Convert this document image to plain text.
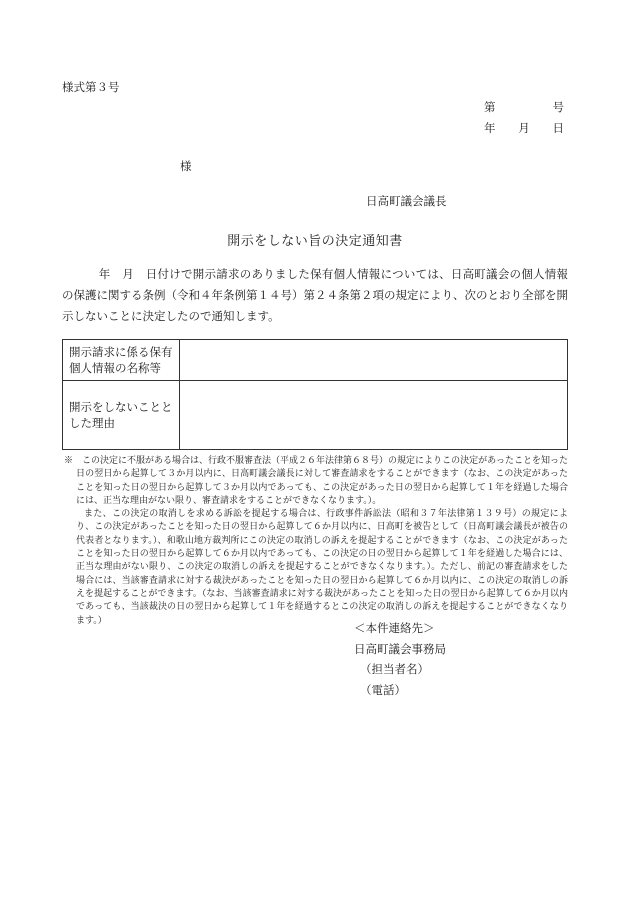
様式第３号
第	号
年 月 日
様
日高町議会議長
開示をしない旨の決定通知書
年　月　日付けで開示請求のありました保有個人情報については、日高町議会の個人情報の保護に関する条例（令和４年条例第１４号）第２４条第２項の規定により、次のとおり全部を開示しないことに決定したので通知します。
開示請求に係る保有個人情報の名称等	
開示をしないこととした理由	

※　この決定に不服がある場合は、行政不服審査法（平成２６年法律第６８号）の規定によりこの決定があったことを知った日の翌日から起算して３か月以内に、日高町議会議長に対して審査請求をすることができます（なお、この決定があったことを知った日の翌日から起算して３か月以内であっても、この決定があった日の翌日から起算して１年を経過した場合には、正当な理由がない限り、審査請求をすることができなくなります。）。

また、この決定の取消しを求める訴訟を提起する場合は、行政事件訴訟法（昭和３７年法律第１３９号）の規定により、この決定があったことを知った日の翌日から起算して６か月以内に、日高町を被告として（日高町議会議長が被告の代表者となります。）、和歌山地方裁判所にこの決定の取消しの訴えを提起することができます（なお、この決定があったことを知った日の翌日から起算して６か月以内であっても、この決定の日の翌日から起算して１年を経過した場合には、正当な理由がない限り、この決定の取消しの訴えを提起することができなくなります。）。ただし、前記の審査請求をした場合には、当該審査請求に対する裁決があったことを知った日の翌日から起算して６か月以内に、この決定の取消しの訴えを提起することができます。（なお、当該審査請求に対する裁決があったことを知った日の翌日から起算して６か月以内であっても、当該裁決の日の翌日から起算して１年を経過するとこの決定の取消しの訴えを提起することができなくなります。）

＜本件連絡先＞
日高町議会事務局
（担当者名）
（電話）
